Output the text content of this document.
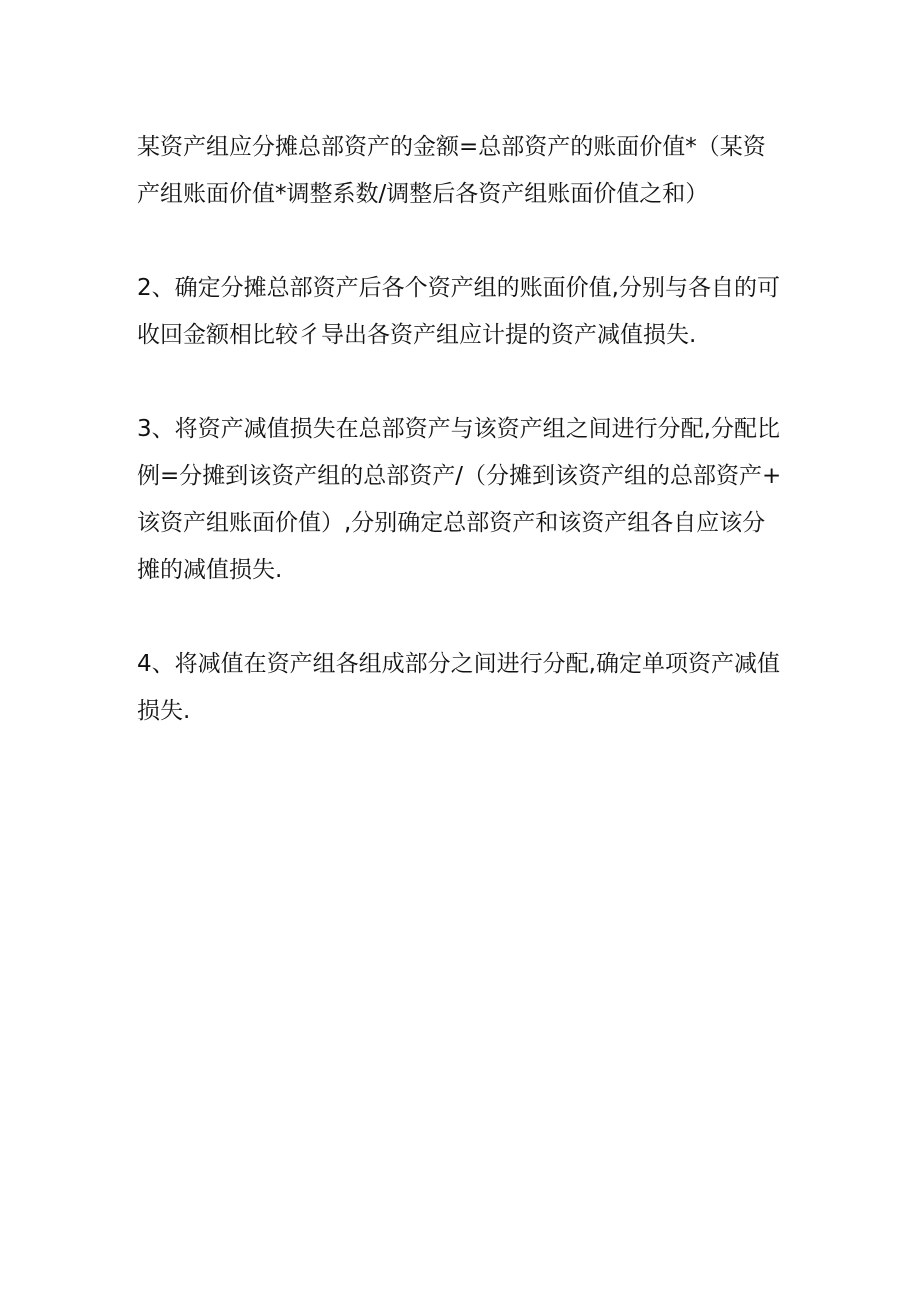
某资产组应分摊总部资产的金额=总部资产的账面价值*（某资
产组账面价值*调整系数/调整后各资产组账面价值之和）

2、确定分摊总部资产后各个资产组的账面价值,分别与各自的可
收回金额相比较彳导出各资产组应计提的资产减值损失.

3、将资产减值损失在总部资产与该资产组之间进行分配,分配比
例=分摊到该资产组的总部资产/（分摊到该资产组的总部资产+
该资产组账面价值）,分别确定总部资产和该资产组各自应该分
摊的减值损失.

4、将减值在资产组各组成部分之间进行分配,确定单项资产减值
损失.
